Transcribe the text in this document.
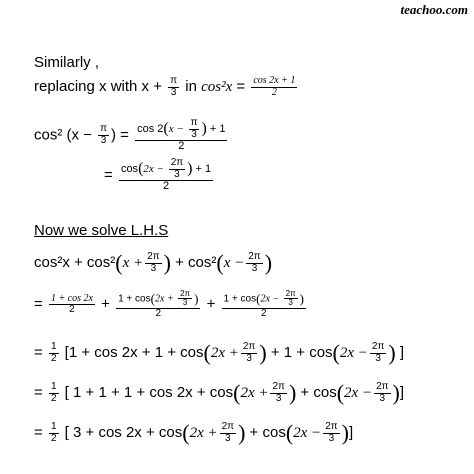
teachoo.com
Similarly ,
replacing x with $x + \frac{\pi}{3}$ in $\cos^2x = \frac{\cos 2x + 1}{2}$
cos² ($x - \frac{\pi}{3}$ ) = $\frac{\cos 2(x - \frac{\pi}{3} ) + 1}{2}$
= $\frac{\cos(2x - \frac{2\pi}{3} ) + 1}{2}$
Now we solve L.H.S
$\cos^2x + \cos^2(x + \frac{2\pi}{3}$ ) + $\cos^2(x - \frac{2\pi}{3}$ )
= $\frac{1 + \cos 2x}{2} + \frac{1 + \cos(2x + \frac{2\pi}{3} )}{2} + \frac{1 + \cos(2x - \frac{2\pi}{3} )}{2}$
= $\frac{1}{2} [1 + \cos 2x + 1 + \cos(2x + \frac{2\pi}{3}$ ) + $1 + \cos(2x - \frac{2\pi}{3}$ ) ]
= $\frac{1}{2}$ [ $1 + 1 + 1 + \cos 2x + \cos(2x + \frac{2\pi}{3}$ ) + $\cos(2x - \frac{2\pi}{3}$ )]
= $\frac{1}{2}$ [ $3 + \cos 2x + \cos(2x + \frac{2\pi}{3}$ ) + $\cos(2x - \frac{2\pi}{3}$ )]
